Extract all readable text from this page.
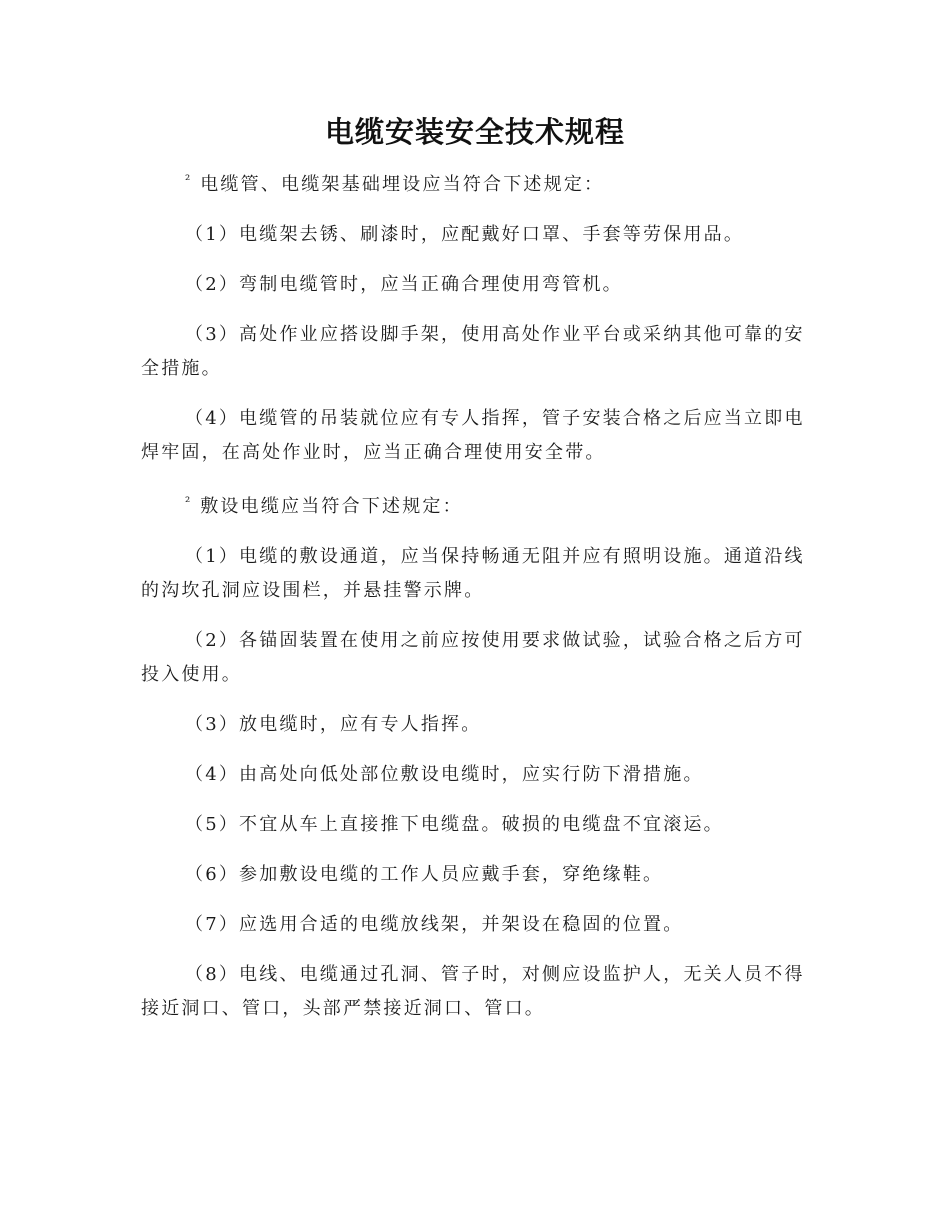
电缆安装安全技术规程

$^{^2}$ 电缆管、电缆架基础埋设应当符合下述规定：

（1）电缆架去锈、刷漆时，应配戴好口罩、手套等劳保用品。

（2）弯制电缆管时，应当正确合理使用弯管机。

（3）高处作业应搭设脚手架，使用高处作业平台或采纳其他可靠的安全措施。

（4）电缆管的吊装就位应有专人指挥，管子安装合格之后应当立即电焊牢固，在高处作业时，应当正确合理使用安全带。

$^{^2}$ 敷设电缆应当符合下述规定：

（1）电缆的敷设通道，应当保持畅通无阻并应有照明设施。通道沿线的沟坎孔洞应设围栏，并悬挂警示牌。

（2）各锚固装置在使用之前应按使用要求做试验，试验合格之后方可投入使用。

（3）放电缆时，应有专人指挥。

（4）由高处向低处部位敷设电缆时，应实行防下滑措施。

（5）不宜从车上直接推下电缆盘。破损的电缆盘不宜滚运。

（6）参加敷设电缆的工作人员应戴手套，穿绝缘鞋。

（7）应选用合适的电缆放线架，并架设在稳固的位置。

（8）电线、电缆通过孔洞、管子时，对侧应设监护人，无关人员不得接近洞口、管口，头部严禁接近洞口、管口。
